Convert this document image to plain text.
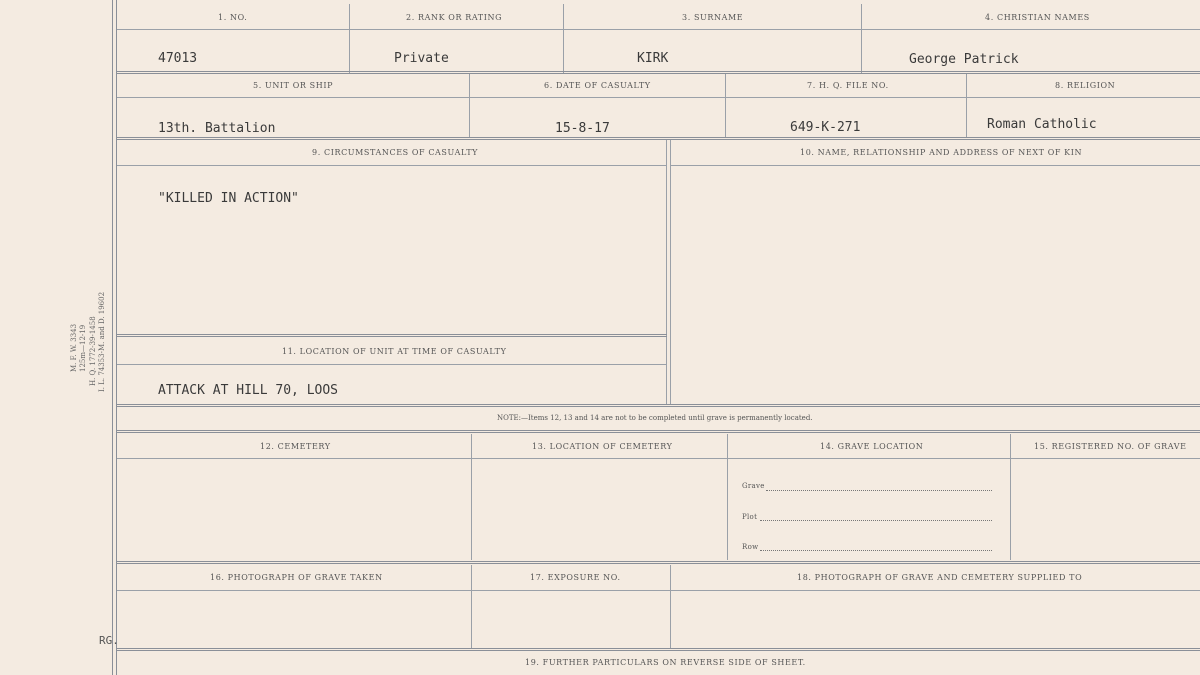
M. F. W. 3343 125m—12-19 H. Q. 1772-39-1458 I. L. 74353-M. and D. 19602
RG.
1. NO.	2. RANK OR RATING	3. SURNAME	4. CHRISTIAN NAMES
47013	Private	KIRK	George Patrick
5. UNIT OR SHIP	6. DATE OF CASUALTY	7. H. Q. FILE NO.	8. RELIGION
13th. Battalion	15-8-17	649-K-271	Roman Catholic
9. CIRCUMSTANCES OF CASUALTY	10. NAME, RELATIONSHIP AND ADDRESS OF NEXT OF KIN
"KILLED IN ACTION"
11. LOCATION OF UNIT AT TIME OF CASUALTY
ATTACK AT HILL 70, LOOS
NOTE:—Items 12, 13 and 14 are not to be completed until grave is permanently located.
12. CEMETERY	13. LOCATION OF CEMETERY	14. GRAVE LOCATION	15. REGISTERED NO. OF GRAVE
Grave
Plot
Row
16. PHOTOGRAPH OF GRAVE TAKEN	17. EXPOSURE NO.	18. PHOTOGRAPH OF GRAVE AND CEMETERY SUPPLIED TO
19. FURTHER PARTICULARS ON REVERSE SIDE OF SHEET.
